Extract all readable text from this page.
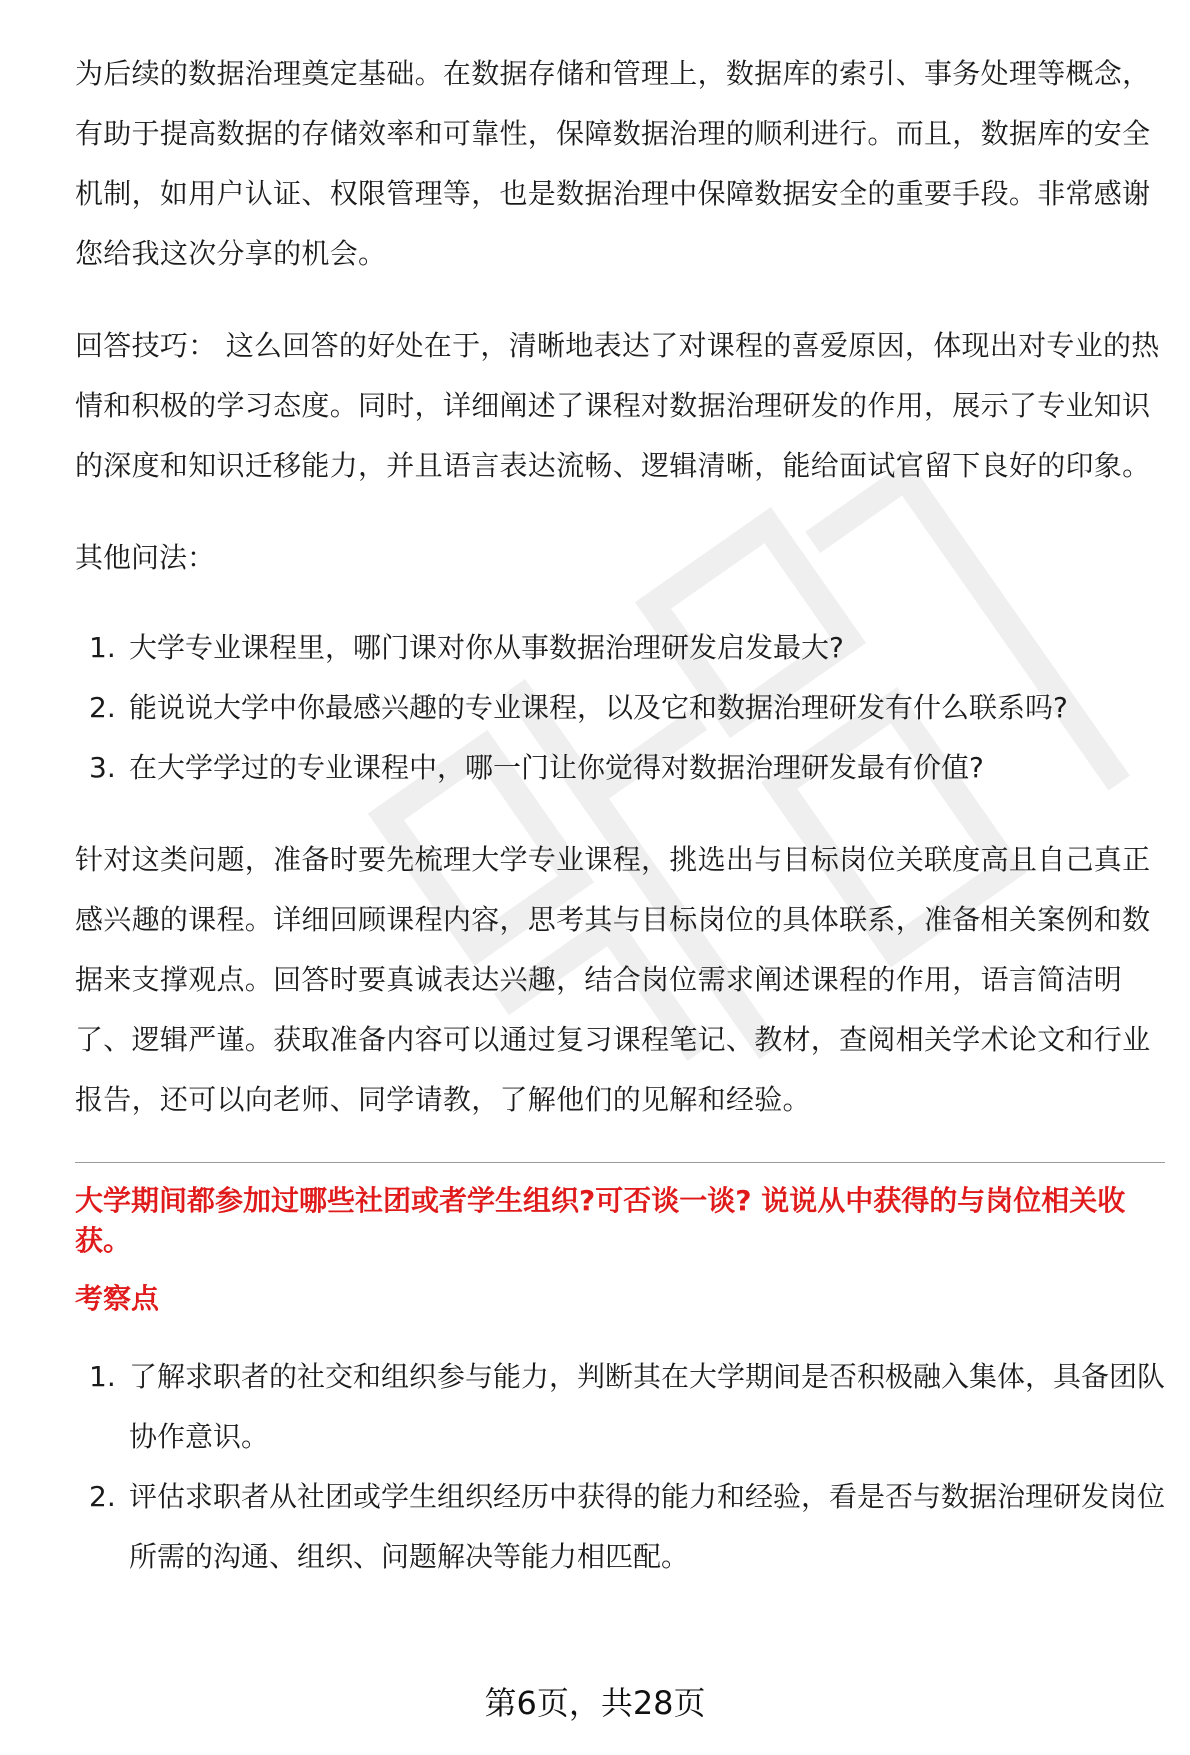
为后续的数据治理奠定基础。在数据存储和管理上，数据库的索引、事务处理等概念，有助于提高数据的存储效率和可靠性，保障数据治理的顺利进行。而且，数据库的安全机制，如用户认证、权限管理等，也是数据治理中保障数据安全的重要手段。非常感谢您给我这次分享的机会。

回答技巧： 这么回答的好处在于，清晰地表达了对课程的喜爱原因，体现出对专业的热情和积极的学习态度。同时，详细阐述了课程对数据治理研发的作用，展示了专业知识的深度和知识迁移能力，并且语言表达流畅、逻辑清晰，能给面试官留下良好的印象。

其他问法：
1. 大学专业课程里，哪门课对你从事数据治理研发启发最大?
2. 能说说大学中你最感兴趣的专业课程，以及它和数据治理研发有什么联系吗?
3. 在大学学过的专业课程中，哪一门让你觉得对数据治理研发最有价值?

针对这类问题，准备时要先梳理大学专业课程，挑选出与目标岗位关联度高且自己真正感兴趣的课程。详细回顾课程内容，思考其与目标岗位的具体联系，准备相关案例和数据来支撑观点。回答时要真诚表达兴趣，结合岗位需求阐述课程的作用，语言简洁明了、逻辑严谨。获取准备内容可以通过复习课程笔记、教材，查阅相关学术论文和行业报告，还可以向老师、同学请教，了解他们的见解和经验。

大学期间都参加过哪些社团或者学生组织?可否谈一谈? 说说从中获得的与岗位相关收获。
考察点
1. 了解求职者的社交和组织参与能力，判断其在大学期间是否积极融入集体，具备团队协作意识。
2. 评估求职者从社团或学生组织经历中获得的能力和经验，看是否与数据治理研发岗位所需的沟通、组织、问题解决等能力相匹配。
第6页，共28页
